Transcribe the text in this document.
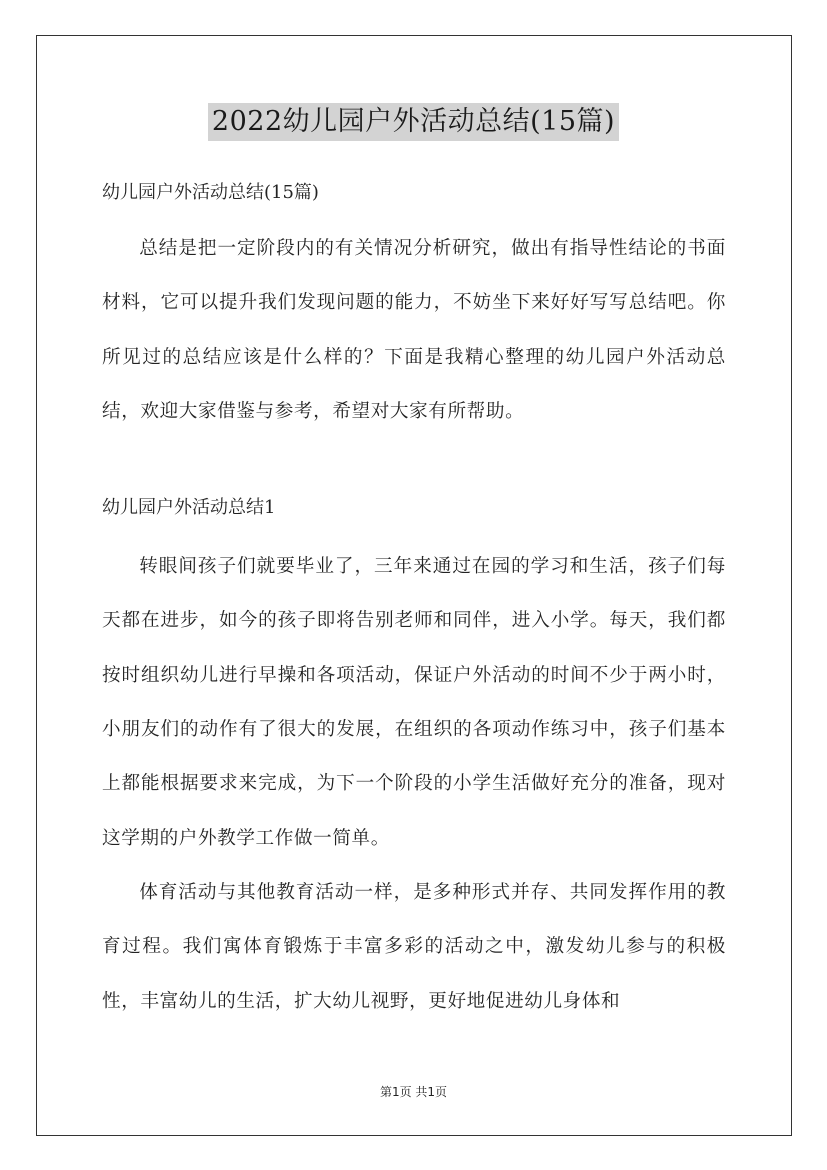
2022幼儿园户外活动总结(15篇)

幼儿园户外活动总结(15篇)

总结是把一定阶段内的有关情况分析研究，做出有指导性结论的书面材料，它可以提升我们发现问题的能力，不妨坐下来好好写写总结吧。你所见过的总结应该是什么样的？下面是我精心整理的幼儿园户外活动总结，欢迎大家借鉴与参考，希望对大家有所帮助。

幼儿园户外活动总结1

转眼间孩子们就要毕业了，三年来通过在园的学习和生活，孩子们每天都在进步，如今的孩子即将告别老师和同伴，进入小学。每天，我们都按时组织幼儿进行早操和各项活动，保证户外活动的时间不少于两小时，小朋友们的动作有了很大的发展，在组织的各项动作练习中，孩子们基本上都能根据要求来完成，为下一个阶段的小学生活做好充分的准备，现对这学期的户外教学工作做一简单。

体育活动与其他教育活动一样，是多种形式并存、共同发挥作用的教育过程。我们寓体育锻炼于丰富多彩的活动之中，激发幼儿参与的积极性，丰富幼儿的生活，扩大幼儿视野，更好地促进幼儿身体和

第1页 共1页
